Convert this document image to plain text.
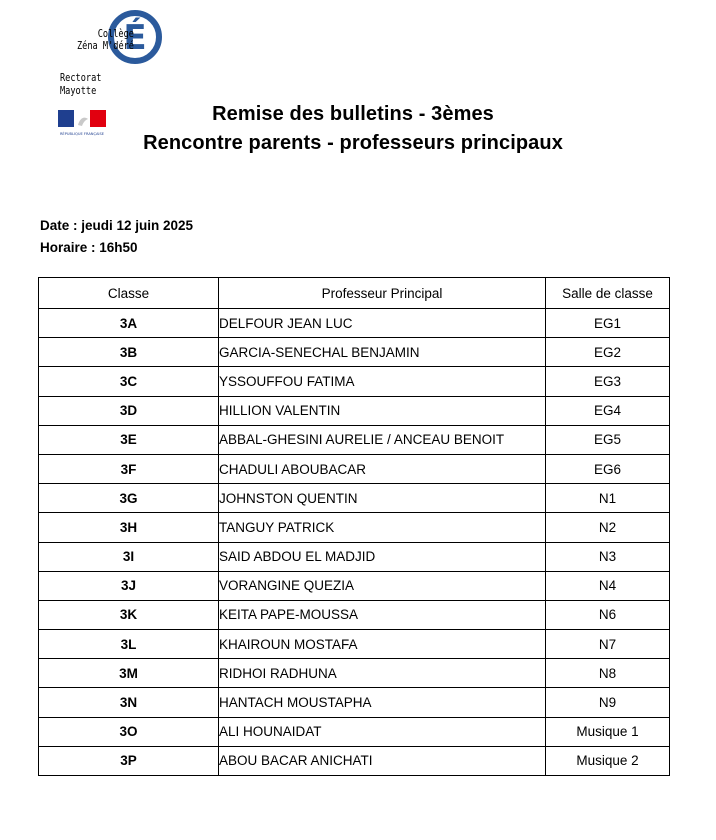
É
Collège
Zéna M'déré
Rectorat
Mayotte
RÉPUBLIQUE FRANÇAISE
Remise des bulletins - 3èmes
Rencontre parents - professeurs principaux
Date : jeudi 12 juin 2025
Horaire : 16h50
Classe	Professeur Principal	Salle de classe
3A	DELFOUR JEAN LUC	EG1
3B	GARCIA-SENECHAL BENJAMIN	EG2
3C	YSSOUFFOU FATIMA	EG3
3D	HILLION VALENTIN	EG4
3E	ABBAL-GHESINI AURELIE / ANCEAU BENOIT	EG5
3F	CHADULI ABOUBACAR	EG6
3G	JOHNSTON QUENTIN	N1
3H	TANGUY PATRICK	N2
3I	SAID ABDOU EL MADJID	N3
3J	VORANGINE QUEZIA	N4
3K	KEITA PAPE-MOUSSA	N6
3L	KHAIROUN MOSTAFA	N7
3M	RIDHOI RADHUNA	N8
3N	HANTACH MOUSTAPHA	N9
3O	ALI HOUNAIDAT	Musique 1
3P	ABOU BACAR ANICHATI	Musique 2
